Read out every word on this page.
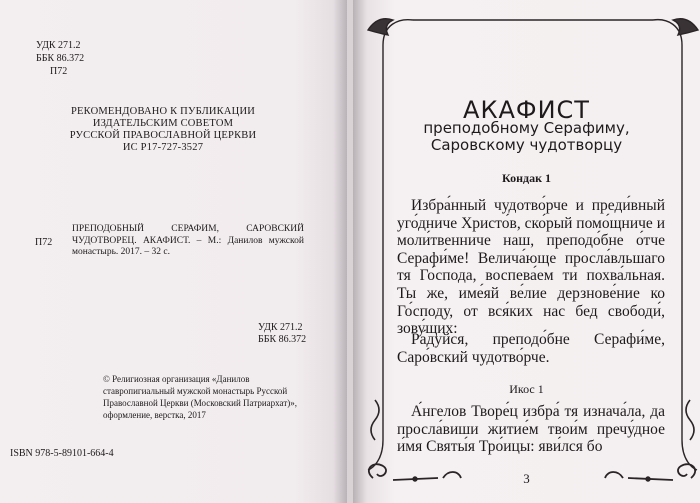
УДК 271.2
ББК 86.372
П72
РЕКОМЕНДОВАНО К ПУБЛИКАЦИИ
ИЗДАТЕЛЬСКИМ СОВЕТОМ
РУССКОЙ ПРАВОСЛАВНОЙ ЦЕРКВИ
ИС Р17-727-3527
П72
ПРЕПОДОБНЫЙ СЕРАФИМ, САРОВСКИЙ ЧУДОТВОРЕЦ. АКАФИСТ. – М.: Данилов мужской монастырь. 2017. – 32 с.
УДК 271.2
ББК 86.372
© Религиозная организация «Данилов ставропигиальный мужской монастырь Русской Православной Церкви (Московский Патриархат)», оформление, верстка, 2017
ISBN 978-5-89101-664-4
АКАФИСТ
преподобному Серафиму,
Саровскому чудотворцу
Кондак 1
Избра́нный чудотво́рче и преди́вный уго́дниче Христо́в, ско́рый помо́щниче и моли́твенниче наш, преподо́бне о́тче Серафи́ме! Велича́юще просла́вльшаго тя Го́спода, воспева́ем ти похва́льная. Ты же, име́яй ве́лие дерзнове́ние ко Го́споду, от вся́ких нас бед свободи́, зову́щих:
Ра́дуйся, преподо́бне Серафи́ме, Саро́вский чудотво́рче.
Икос 1
А́нгелов Творе́ц избра́ тя изнача́ла, да просла́виши житие́м твои́м пречу́дное и́мя Святы́я Тро́ицы: яви́лся бо
3
